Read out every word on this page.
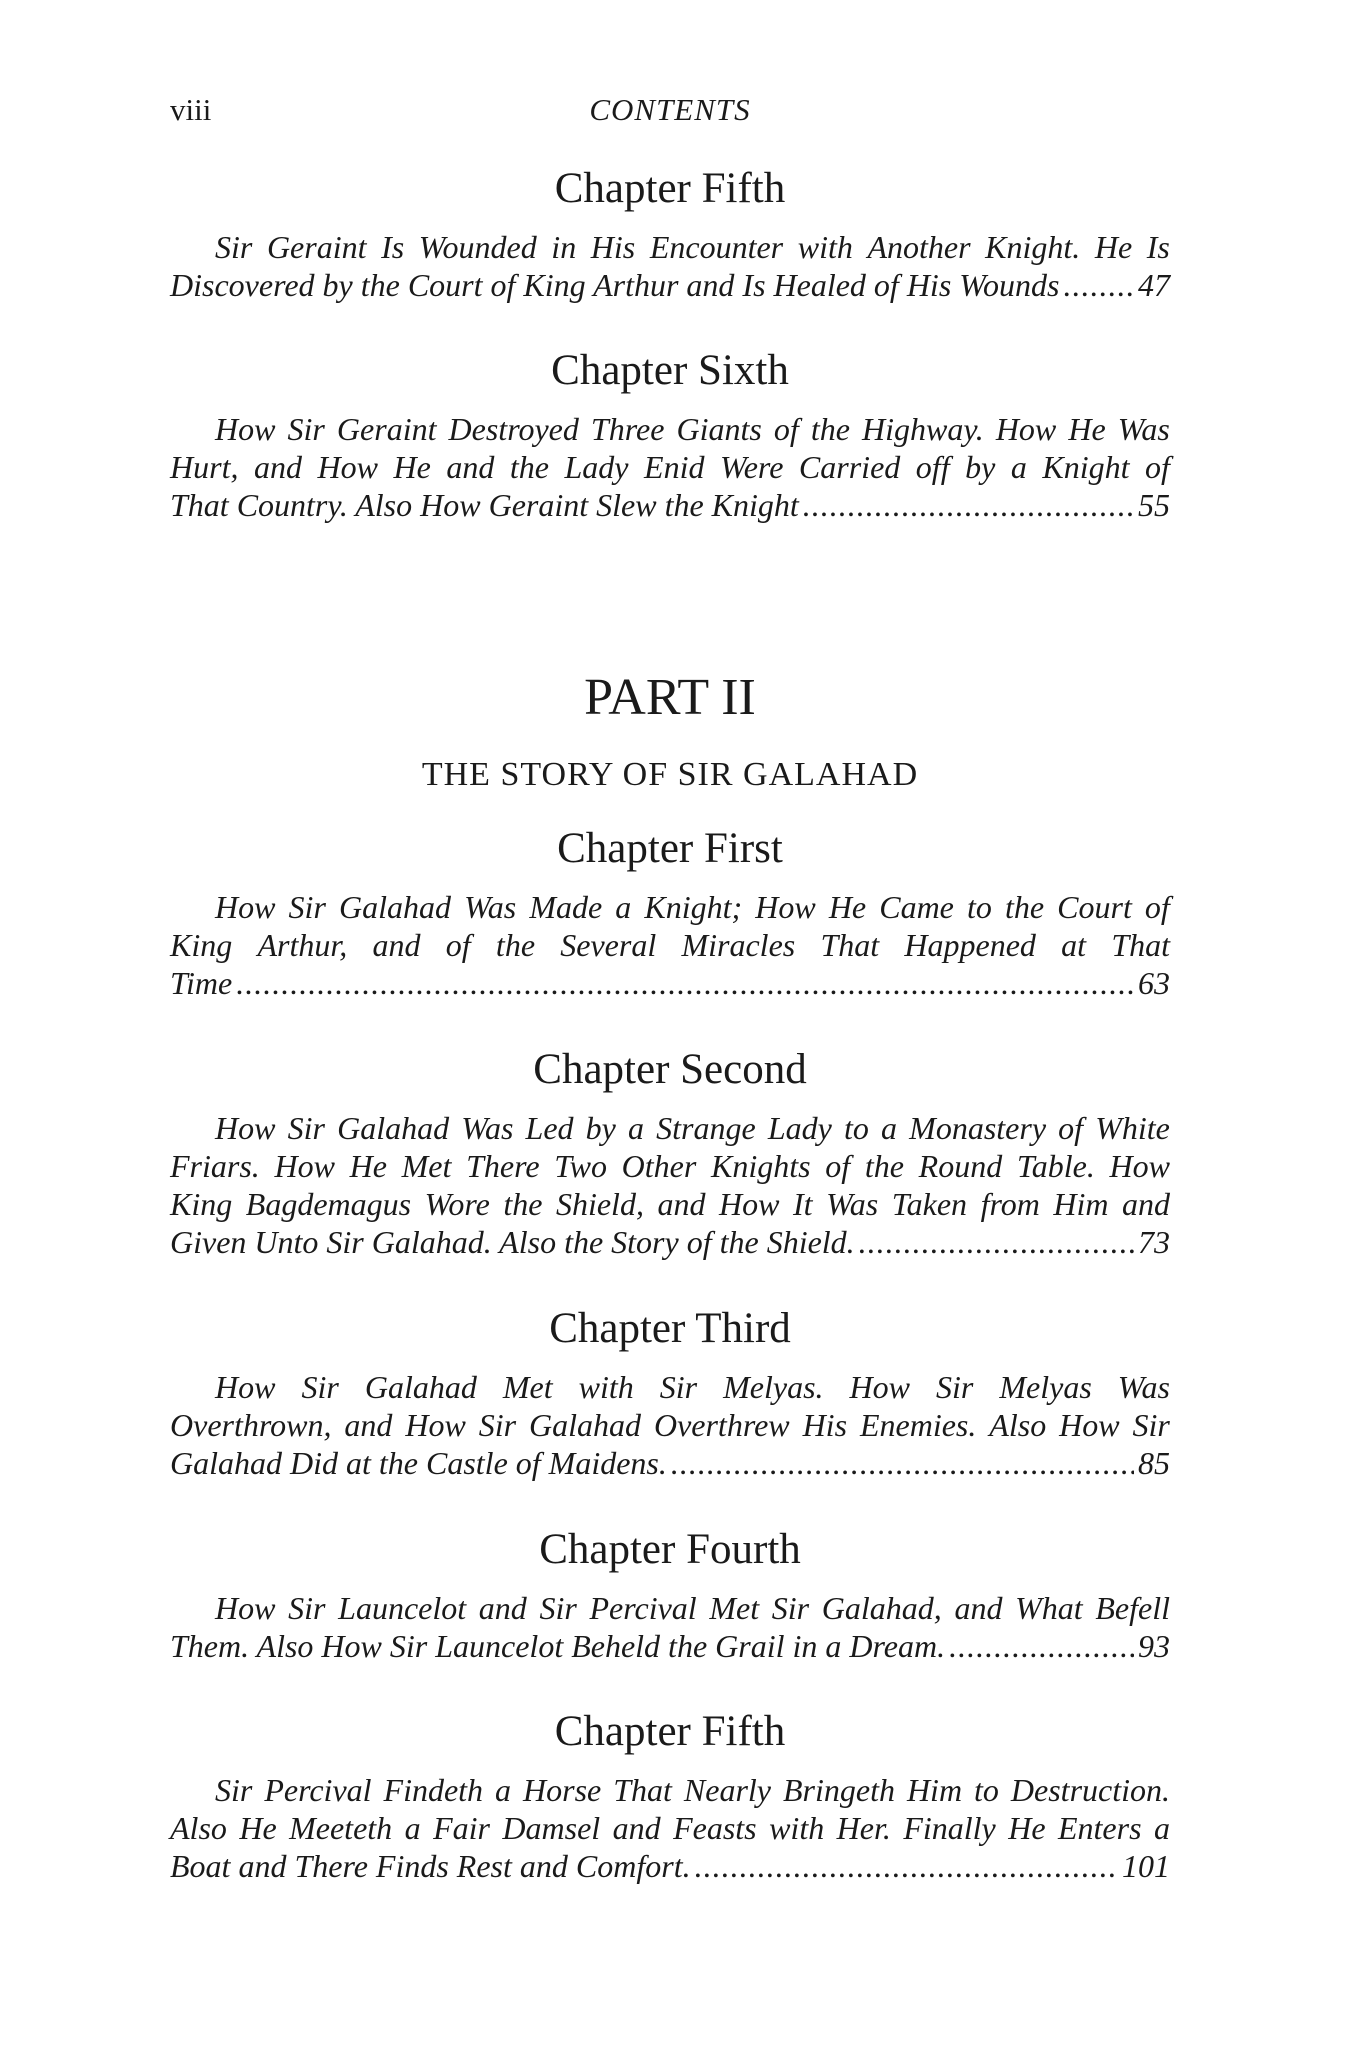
viii	CONTENTS
Chapter Fifth
Sir Geraint Is Wounded in His Encounter with Another Knight. He Is
Discovered by the Court of King Arthur and Is Healed of His Wounds ..... 47
Chapter Sixth
How Sir Geraint Destroyed Three Giants of the Highway. How He Was
Hurt, and How He and the Lady Enid Were Carried off by a Knight of
That Country. Also How Geraint Slew the Knight .....	55
PART II
THE STORY OF SIR GALAHAD
Chapter First
How Sir Galahad Was Made a Knight; How He Came to the Court of
King Arthur, and of the Several Miracles That Happened at That
Time .....	63
Chapter Second
How Sir Galahad Was Led by a Strange Lady to a Monastery of White
Friars. How He Met There Two Other Knights of the Round Table. How
King Bagdemagus Wore the Shield, and How It Was Taken from Him and
Given Unto Sir Galahad. Also the Story of the Shield. .....	73
Chapter Third
How Sir Galahad Met with Sir Melyas. How Sir Melyas Was
Overthrown, and How Sir Galahad Overthrew His Enemies. Also How Sir
Galahad Did at the Castle of Maidens. .....	85
Chapter Fourth
How Sir Launcelot and Sir Percival Met Sir Galahad, and What Befell
Them. Also How Sir Launcelot Beheld the Grail in a Dream. .....	93
Chapter Fifth
Sir Percival Findeth a Horse That Nearly Bringeth Him to Destruction.
Also He Meeteth a Fair Damsel and Feasts with Her. Finally He Enters a
Boat and There Finds Rest and Comfort. .....	101
